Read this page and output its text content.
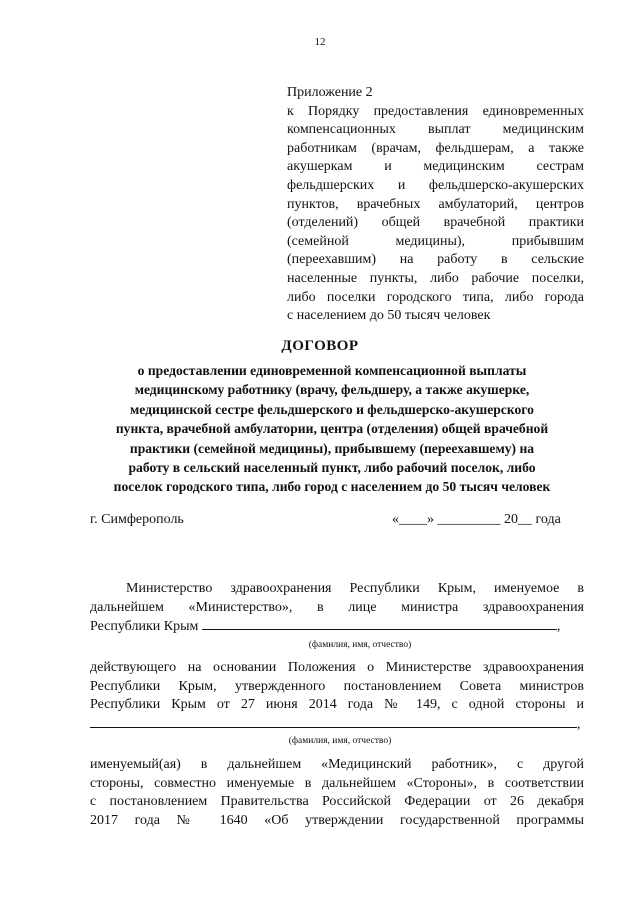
12
Приложение 2
к Порядку предоставления единовременных
компенсационных выплат медицинским
работникам (врачам, фельдшерам, а также
акушеркам и медицинским сестрам
фельдшерских и фельдшерско-акушерских
пунктов, врачебных амбулаторий, центров
(отделений) общей врачебной практики
(семейной медицины), прибывшим
(переехавшим) на работу в сельские
населенные пункты, либо рабочие поселки,
либо поселки городского типа, либо города
с населением до 50 тысяч человек
ДОГОВОР
о предоставлении единовременной компенсационной выплаты
медицинскому работнику (врачу, фельдшеру, а также акушерке,
медицинской сестре фельдшерского и фельдшерско-акушерского
пункта, врачебной амбулатории, центра (отделения) общей врачебной
практики (семейной медицины), прибывшему (переехавшему) на
работу в сельский населенный пункт, либо рабочий поселок, либо
поселок городского типа, либо город с населением до 50 тысяч человек
г. Симферополь	«____» _________ 20__ года
Министерство здравоохранения Республики Крым, именуемое в
дальнейшем «Министерство», в лице министра здравоохранения
Республики Крым	,
(фамилия, имя, отчество)
действующего на основании Положения о Министерстве здравоохранения
Республики Крым, утвержденного постановлением Совета министров
Республики Крым от 27 июня 2014 года № 149, с одной стороны и
,
(фамилия, имя, отчество)
именуемый(ая) в дальнейшем «Медицинский работник», с другой
стороны, совместно именуемые в дальнейшем «Стороны», в соответствии
с постановлением Правительства Российской Федерации от 26 декабря
2017 года № 1640 «Об утверждении государственной программы
